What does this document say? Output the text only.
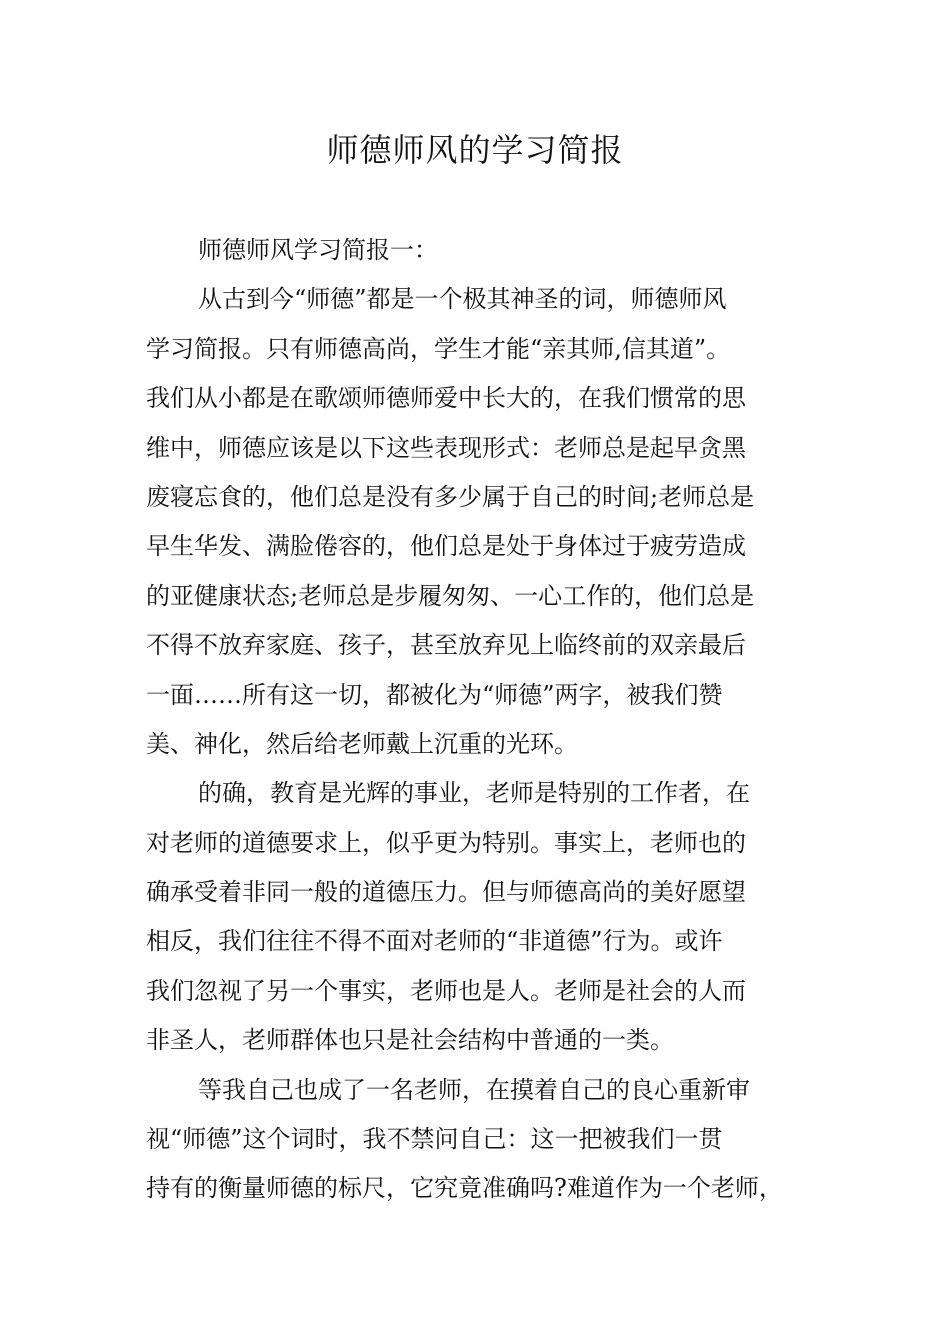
师德师风的学习简报
师德师风学习简报一：
从古到今“师德”都是一个极其神圣的词，师德师风
学习简报。只有师德高尚，学生才能“亲其师,信其道”。
我们从小都是在歌颂师德师爱中长大的，在我们惯常的思
维中，师德应该是以下这些表现形式：老师总是起早贪黑
废寝忘食的，他们总是没有多少属于自己的时间;老师总是
早生华发、满脸倦容的，他们总是处于身体过于疲劳造成
的亚健康状态;老师总是步履匆匆、一心工作的，他们总是
不得不放弃家庭、孩子，甚至放弃见上临终前的双亲最后
一面……所有这一切，都被化为“师德”两字，被我们赞
美、神化，然后给老师戴上沉重的光环。
的确，教育是光辉的事业，老师是特别的工作者，在
对老师的道德要求上，似乎更为特别。事实上，老师也的
确承受着非同一般的道德压力。但与师德高尚的美好愿望
相反，我们往往不得不面对老师的“非道德”行为。或许
我们忽视了另一个事实，老师也是人。老师是社会的人而
非圣人，老师群体也只是社会结构中普通的一类。
等我自己也成了一名老师，在摸着自己的良心重新审
视“师德”这个词时，我不禁问自己：这一把被我们一贯
持有的衡量师德的标尺，它究竟准确吗?难道作为一个老师，
